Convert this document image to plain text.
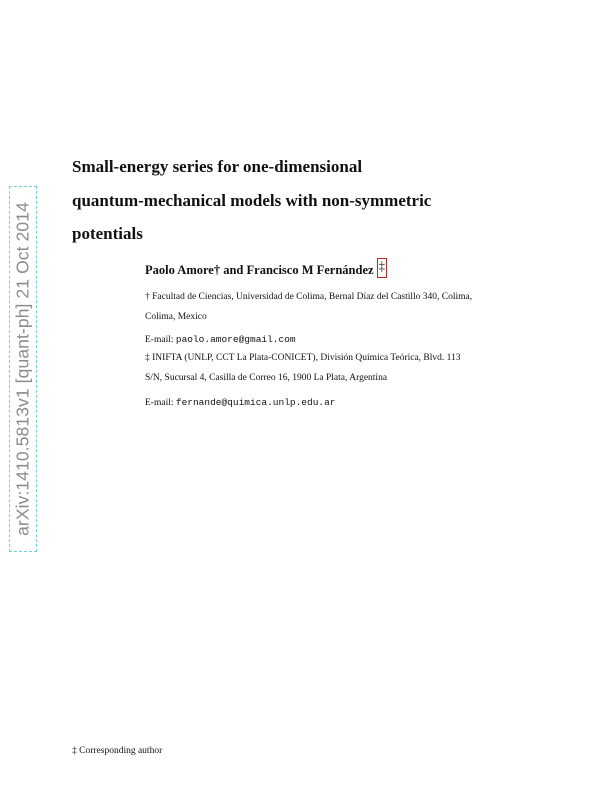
arXiv:1410.5813v1 [quant-ph] 21 Oct 2014
Small-energy series for one-dimensional
quantum-mechanical models with non-symmetric
potentials
Paolo Amore† and Francisco M Fernández ‡
† Facultad de Ciencias, Universidad de Colima, Bernal Díaz del Castillo 340, Colima,
Colima, Mexico
E-mail: paolo.amore@gmail.com
‡ INIFTA (UNLP, CCT La Plata-CONICET), División Química Teórica, Blvd. 113
S/N, Sucursal 4, Casilla de Correo 16, 1900 La Plata, Argentina
E-mail: fernande@quimica.unlp.edu.ar
‡ Corresponding author
